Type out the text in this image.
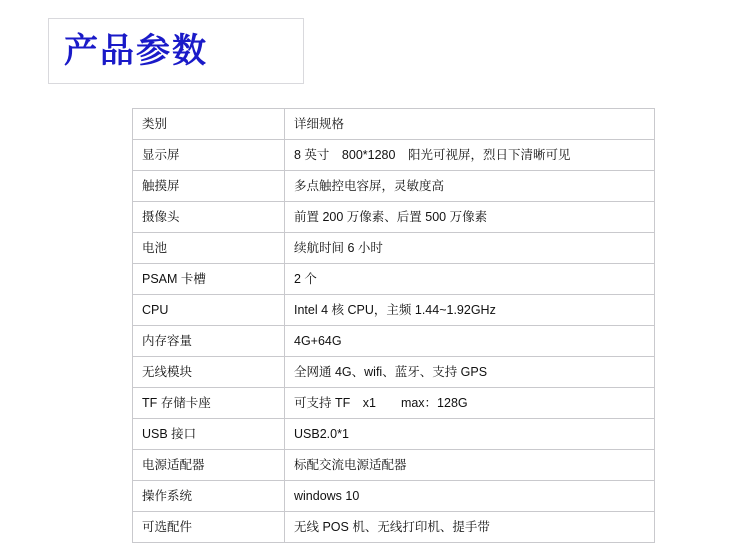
产品参数
类别	详细规格
显示屏	8 英寸　800*1280　阳光可视屏，烈日下清晰可见
触摸屏	多点触控电容屏，灵敏度高
摄像头	前置 200 万像素、后置 500 万像素
电池	续航时间 6 小时
PSAM 卡槽	2 个
CPU	Intel 4 核 CPU，主频 1.44~1.92GHz
内存容量	4G+64G
无线模块	全网通 4G、wifi、蓝牙、支持 GPS
TF 存储卡座	可支持 TF　x1　　max：128G
USB 接口	USB2.0*1
电源适配器	标配交流电源适配器
操作系统	windows 10
可选配件	无线 POS 机、无线打印机、提手带
